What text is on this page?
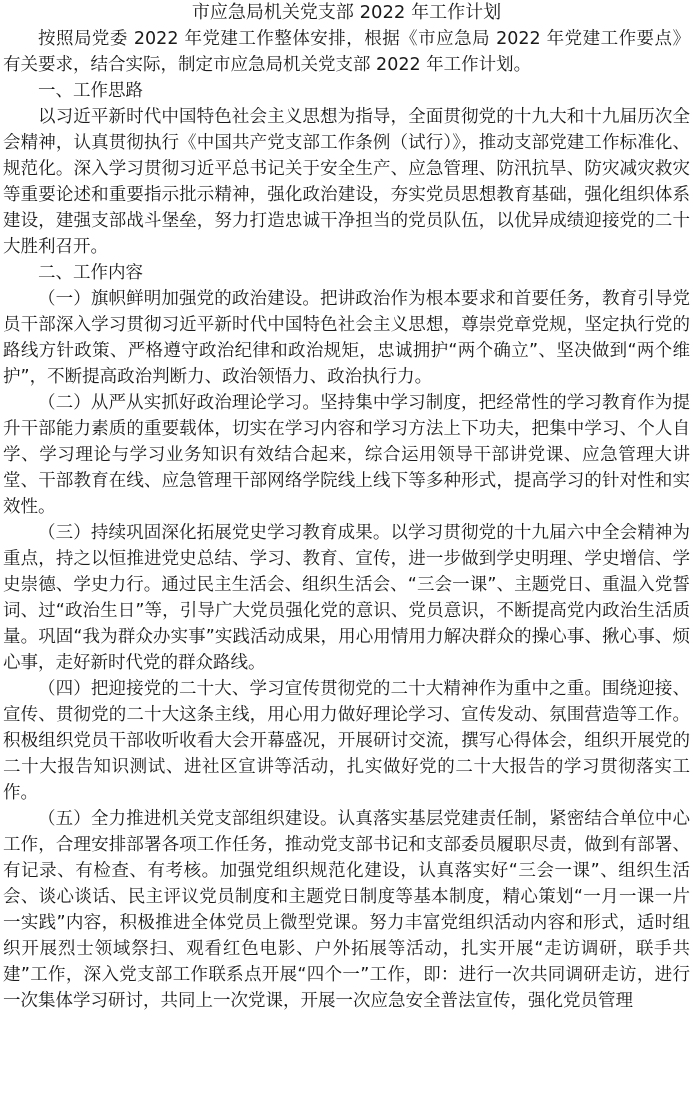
市应急局机关党支部 2022 年工作计划

按照局党委 2022 年党建工作整体安排，根据《市应急局 2022 年党建工作要点》有关要求，结合实际，制定市应急局机关党支部 2022 年工作计划。

一、工作思路

以习近平新时代中国特色社会主义思想为指导，全面贯彻党的十九大和十九届历次全会精神，认真贯彻执行《中国共产党支部工作条例（试行）》，推动支部党建工作标准化、规范化。深入学习贯彻习近平总书记关于安全生产、应急管理、防汛抗旱、防灾减灾救灾等重要论述和重要指示批示精神，强化政治建设，夯实党员思想教育基础，强化组织体系建设，建强支部战斗堡垒，努力打造忠诚干净担当的党员队伍，以优异成绩迎接党的二十大胜利召开。

二、工作内容

（一）旗帜鲜明加强党的政治建设。把讲政治作为根本要求和首要任务，教育引导党员干部深入学习贯彻习近平新时代中国特色社会主义思想，尊崇党章党规，坚定执行党的路线方针政策、严格遵守政治纪律和政治规矩，忠诚拥护“两个确立”、坚决做到“两个维护”，不断提高政治判断力、政治领悟力、政治执行力。

（二）从严从实抓好政治理论学习。坚持集中学习制度，把经常性的学习教育作为提升干部能力素质的重要载体，切实在学习内容和学习方法上下功夫，把集中学习、个人自学、学习理论与学习业务知识有效结合起来，综合运用领导干部讲党课、应急管理大讲堂、干部教育在线、应急管理干部网络学院线上线下等多种形式，提高学习的针对性和实效性。

（三）持续巩固深化拓展党史学习教育成果。以学习贯彻党的十九届六中全会精神为重点，持之以恒推进党史总结、学习、教育、宣传，进一步做到学史明理、学史增信、学史崇德、学史力行。通过民主生活会、组织生活会、“三会一课”、主题党日、重温入党誓词、过“政治生日”等，引导广大党员强化党的意识、党员意识，不断提高党内政治生活质量。巩固“我为群众办实事”实践活动成果，用心用情用力解决群众的操心事、揪心事、烦心事，走好新时代党的群众路线。

（四）把迎接党的二十大、学习宣传贯彻党的二十大精神作为重中之重。围绕迎接、宣传、贯彻党的二十大这条主线，用心用力做好理论学习、宣传发动、氛围营造等工作。积极组织党员干部收听收看大会开幕盛况，开展研讨交流，撰写心得体会，组织开展党的二十大报告知识测试、进社区宣讲等活动，扎实做好党的二十大报告的学习贯彻落实工作。

（五）全力推进机关党支部组织建设。认真落实基层党建责任制，紧密结合单位中心工作，合理安排部署各项工作任务，推动党支部书记和支部委员履职尽责，做到有部署、有记录、有检查、有考核。加强党组织规范化建设，认真落实好“三会一课”、组织生活会、谈心谈话、民主评议党员制度和主题党日制度等基本制度，精心策划“一月一课一片一实践”内容，积极推进全体党员上微型党课。努力丰富党组织活动内容和形式，适时组织开展烈士领域祭扫、观看红色电影、户外拓展等活动，扎实开展“走访调研，联手共建”工作，深入党支部工作联系点开展“四个一”工作，即：进行一次共同调研走访，进行一次集体学习研讨，共同上一次党课，开展一次应急安全普法宣传，强化党员管理
